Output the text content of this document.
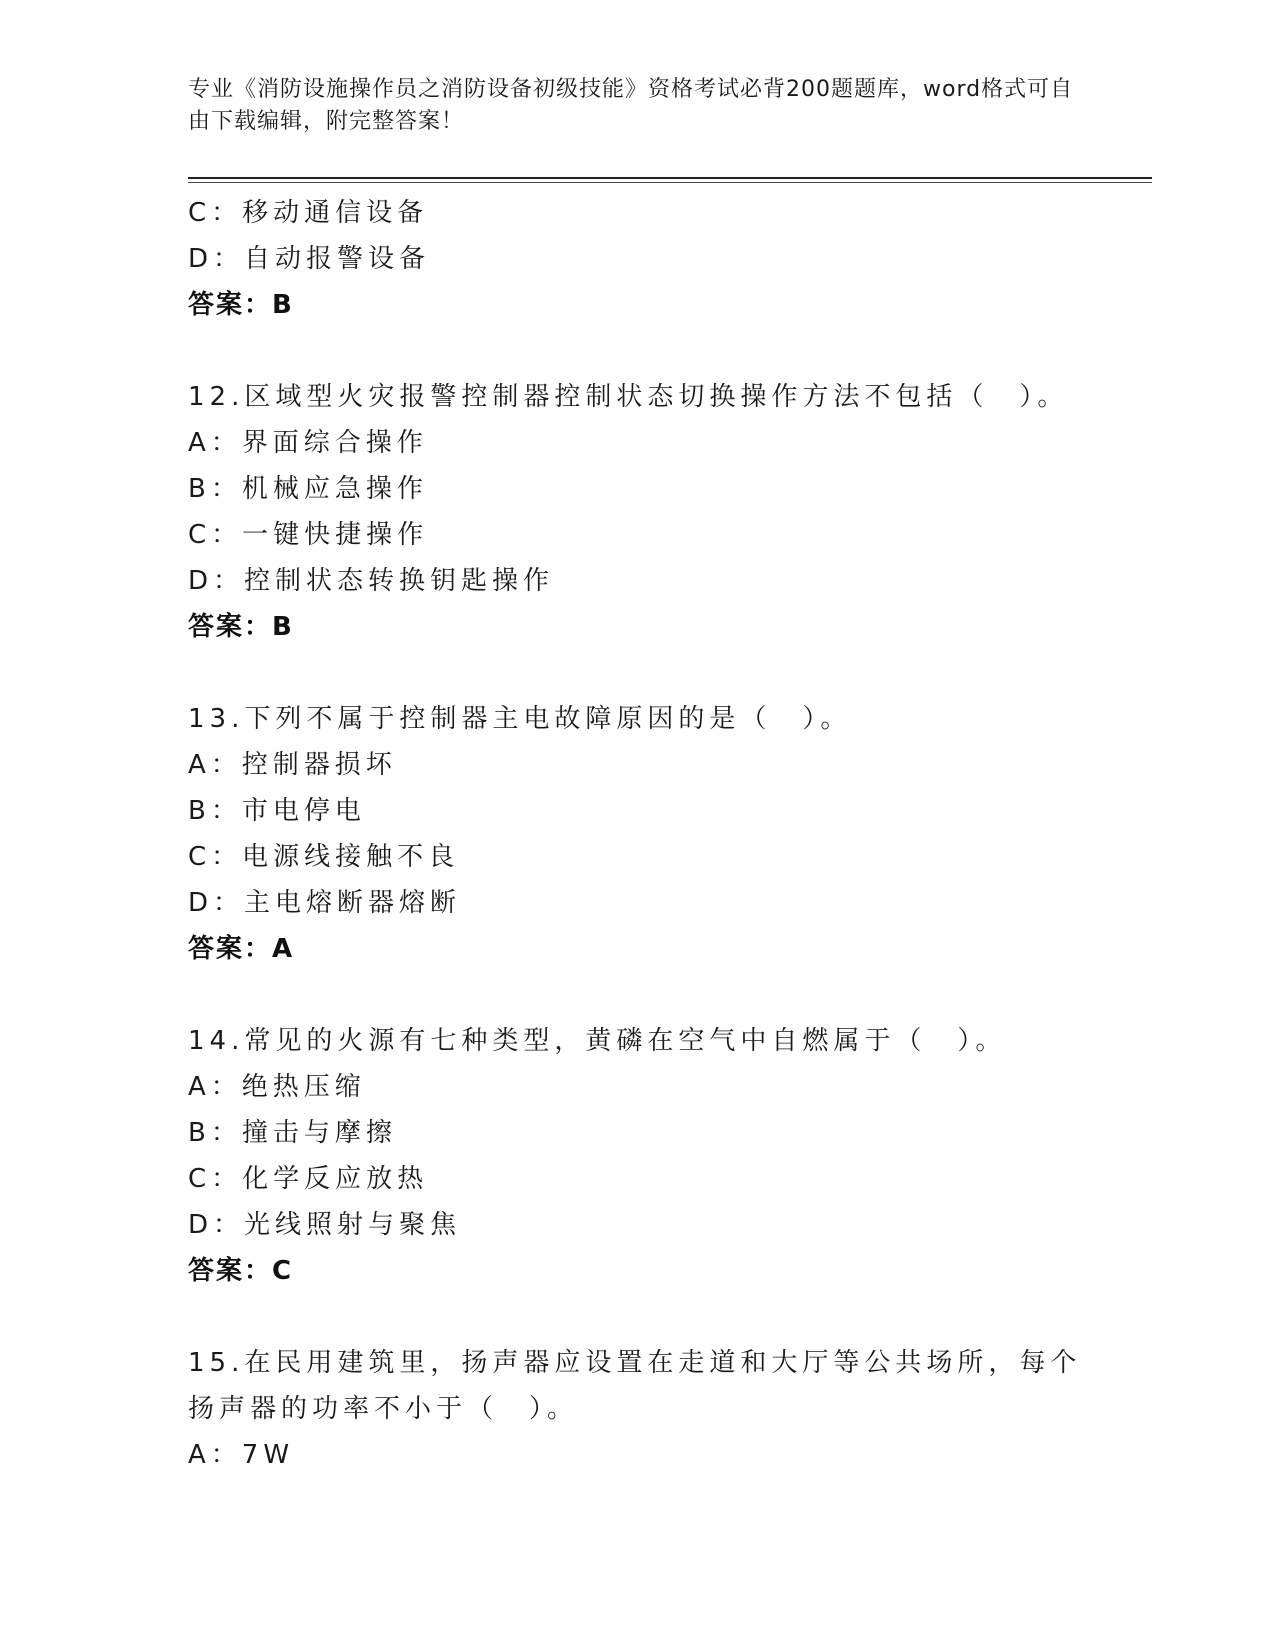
专业《消防设施操作员之消防设备初级技能》资格考试必背200题题库，word格式可自由下载编辑，附完整答案！
C：移动通信设备
D：自动报警设备
答案：B
12.区域型火灾报警控制器控制状态切换操作方法不包括（　）。
A：界面综合操作
B：机械应急操作
C：一键快捷操作
D：控制状态转换钥匙操作
答案：B
13.下列不属于控制器主电故障原因的是（　）。
A：控制器损坏
B：市电停电
C：电源线接触不良
D：主电熔断器熔断
答案：A
14.常见的火源有七种类型，黄磷在空气中自燃属于（　）。
A：绝热压缩
B：撞击与摩擦
C：化学反应放热
D：光线照射与聚焦
答案：C
15.在民用建筑里，扬声器应设置在走道和大厅等公共场所，每个扬声器的功率不小于（　）。
A：7W
